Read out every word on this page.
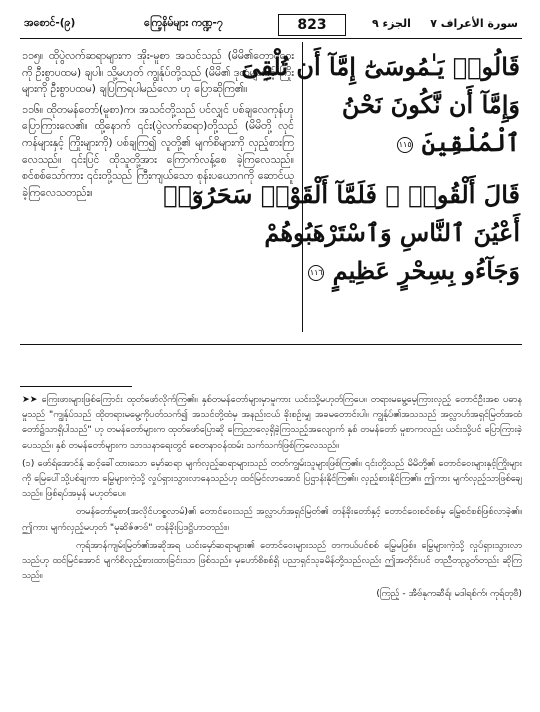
အစောင်-(၉)	ကြေ့နိမ်များ ကဏ္ဍ-၇	823	الجزء ٩ سورة الأعراف ٧

၁၁၅။ ထိုပွဲလက်ဆရာများက အိုး-မူစာ အသင်သည် (မိမိ၏တောင်ဝေးကို ဦးစွာပထမ) ချပါ။ သို့မဟုတ် ကျွန်ုပ်တို့သည် (မိမိ၏ ဒုတ်များနှင့် ကြိုးများကို ဦးစွာပထမ) ချပြကြရပါမည်လော ဟု ပြောဆိုကြ၏။

၁၁၆။ ထိုတမန်တော်(မူစာ)က၊ အသင်တို့သည် ပင်လျှင် ပစ်ချလေကုန်ဟု ပြောကြားလေ၏။ ထို့နောက် ၎င်း(ပွဲလက်ဆရာ)တို့သည် (မိမိတို့ လုင်ကန်များနှင့် ကြိုးများကို) ပစ်ချကြ၍ လူတို့၏ မျက်စိများကို လှည့်စားကြလေသည်။ ၎င်းပြင် ထိုသူတို့အား ကြောက်လန့်စေ ခဲ့ကြလေသည်။ စင်စစ်သော်ကား ၎င်းတို့သည် ကြီးကျယ်သော စုန်းပယောဂကို ဆောင်ယူခဲ့ကြလေသတည်း။

قَالُوا۟ يَـٰمُوسَىٰٓ إِمَّآ أَن تُلْقِىَ
وَإِمَّآ أَن نَّكُونَ نَحْنُ
ٱلْمُلْقِينَ ١١٥
قَالَ أَلْقُوا۟ ۖ فَلَمَّآ أَلْقَوْا۟ سَحَرُوٓا۟
أَعْيُنَ ٱلنَّاسِ وَٱسْتَرْهَبُوهُمْ
وَجَآءُو بِسِحْرٍ عَظِيمٍ ١١٦

➤➤ ကြေးဖားများဖြစ်ကြောင်း ထုတ်ဖော်လိုက်ကြ၏။ နှစ်တမန်တော်များမှာမူကား ယင်းသို့မဟုတ်ကြပေ။ တရားမမွေ့မေ့ကြားလှည့် တောင်ဦးအစ ပဓာနမှုသည် "ကျွန်ုပ်သည် ထိုတရားမမွေ့ကိုပတ်သက်၍ အသင်တို့ထံမှ အနည်းငယ် ခိုးစဉ်းမျှ အခမတောင်းပါ။ ကျွန်ုပ်၏အသသည် အလ္လာဟ်အရှင်မြတ်အထံတော်၌သာရှိပါသည်" ဟု တမန်တော်များက ထုတ်ဖော်ပြောဆို ကြေညာလေ့ရှိခဲ့ကြသည့်အလျောက် နှစ် တမန်တော် မူစာကလည်း ယင်းသို့ပင် ပြောကြားခဲ့ပေသည်။ နှစ် တမန်တော်များက သာသနာရေးတွင် စေတနာဝန်ထမ်း သက်သက်ဖြစ်ကြလေသည်။

(၁) ဖော်ရ်အောင်နှ် ဆင့်ခေါ်ထားသော မှော်ဆရာ မျက်လှည့်ဆရာများသည် တတ်ကျွမ်းသူများဖြစ်ကြ၏။ ၎င်းတို့သည် မိမိတို့၏ တောင်ဝေးများနှင့်ကြိုးများကို မြေပေါ်သို့ပစ်ချကာ မြွေများကဲ့သို့ လှုပ်ရှားသွားလာနေသည်ဟု ထင်မြင်လာအောင် ပြဌာန်းနိုင်ကြ၏။ လှည့်စားနိုင်ကြ၏။ ဤကား မျက်လှည့်သာဖြစ်ချေသည်။ ဖြစ်ရပ်အမှန် မဟုတ်ပေ။

တမန်တော်မူစာ(အလိုင်ဟစ္စလာမ်)၏ တောင်ဝေးသည် အလ္လာဟ်အရှင်မြတ်၏ တန်ခိုးတော်နှင့် တောင်ဝေးစင်စစ်မှ မြွေစင်စစ်ဖြစ်လာခဲ့၏။ ဤကား မျက်လှည့်မဟုတ် "မုဆိဇ်ဇာဗ်" တန်ခိုးပြဒဋ္ဌိဟာတည်း။

ကုရ်အာန်ကျမ်းမြတ်၏အဆိုအရ ယင်းမှော်ဆရာများ၏ တောင်ဝေးများသည် တကယ်ပင်စစ် မြွေမဖြစ်။ မြွေများကဲ့သို့ လှုပ်ရှားသွားလာသည်ဟု ထင်မြင်အောင် မျက်စိလှည့်စားထားခြင်းသာ ဖြစ်သည်။ မှဟော်စိစစ်ရှိ ပညာရှင်သုခမိန်တို့သည်လည်း ဤအတိုင်းပင် တညီတညွတ်တည်း ဆိုကြသည်။

(ကြည့် - အီဗ်နုကဆီရ်၊ မဒါရစ်က်၊ ကုရ်တုဗီ)
